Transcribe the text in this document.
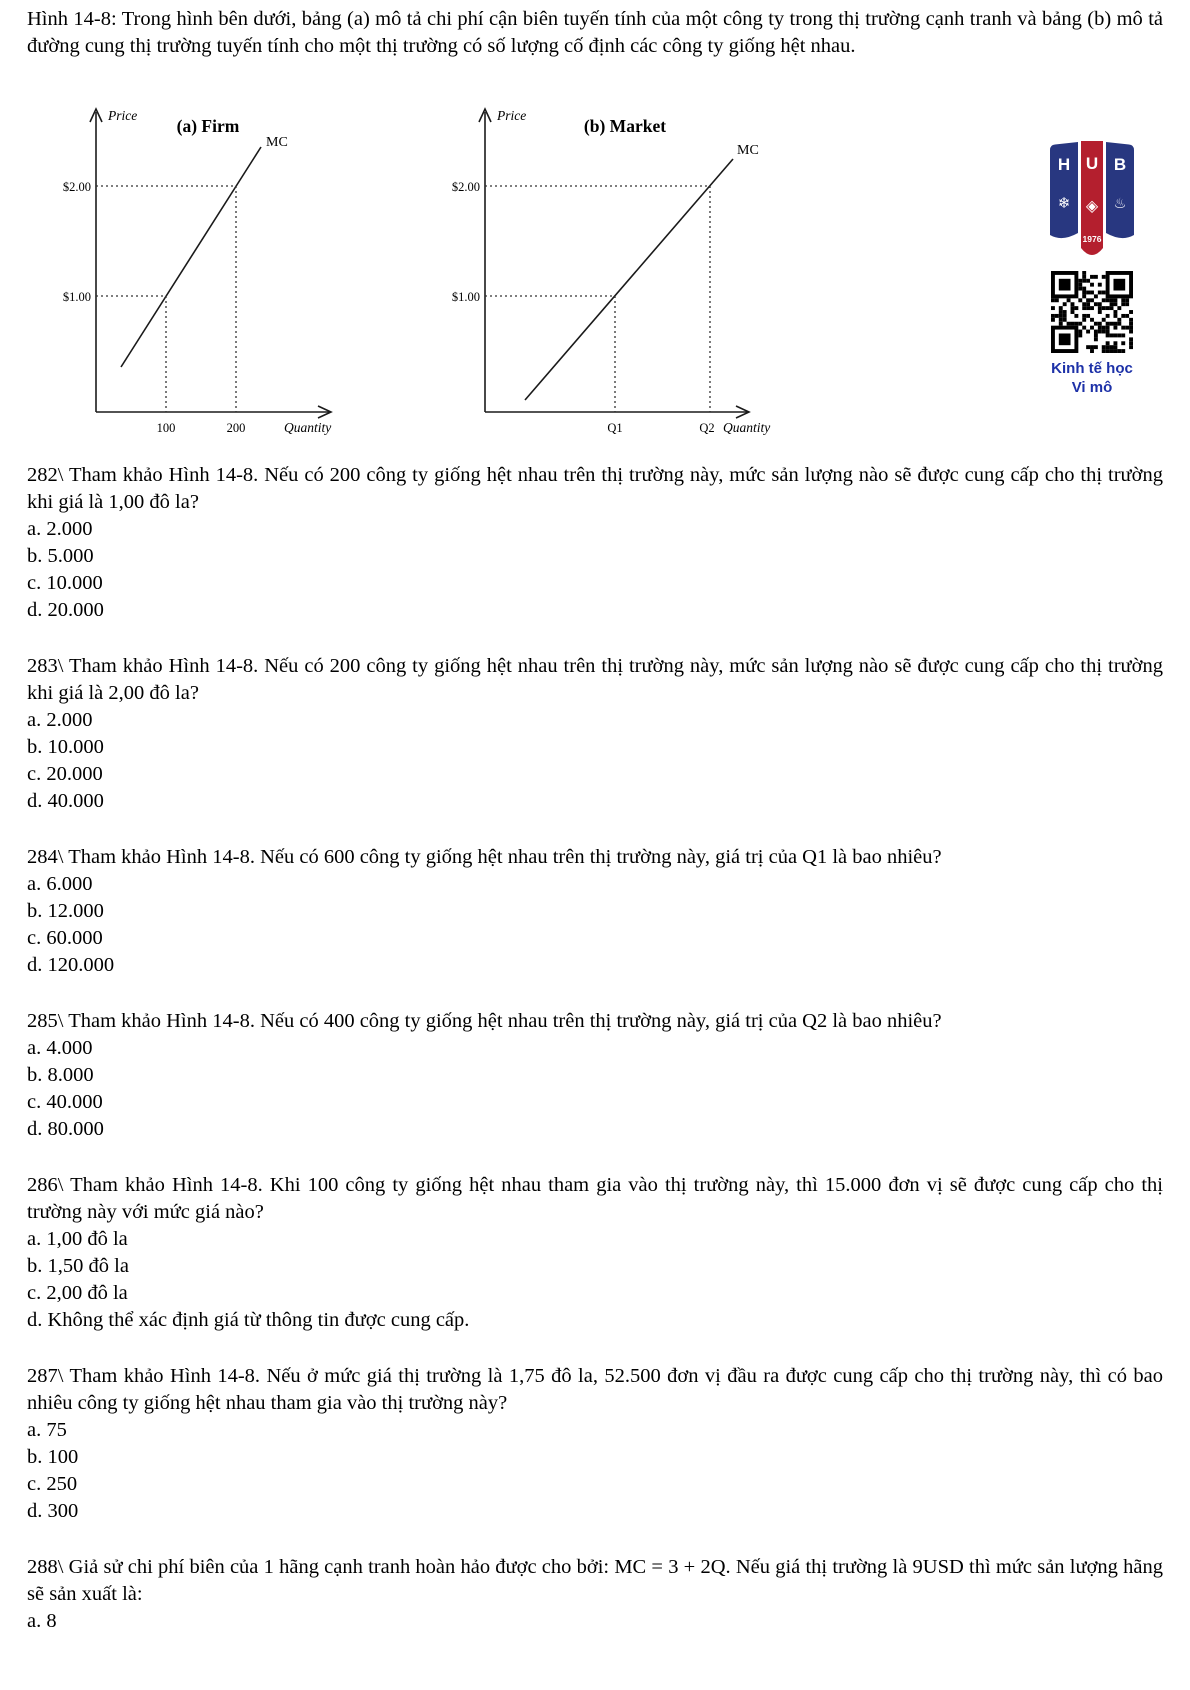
Hình 14-8: Trong hình bên dưới, bảng (a) mô tả chi phí cận biên tuyến tính của một công ty trong thị trường cạnh tranh và bảng (b) mô tả đường cung thị trường tuyến tính cho một thị trường có số lượng cố định các công ty giống hệt nhau.

Price
(a) Firm
MC
$2.00
$1.00
100	200	Quantity
Price
(b) Market
MC
$2.00
$1.00
Q1	Q2 Quantity
H U B
❄ ◈ ♨
1976
Kinh tế học
Vi mô

282\ Tham khảo Hình 14-8. Nếu có 200 công ty giống hệt nhau trên thị trường này, mức sản lượng nào sẽ được cung cấp cho thị trường khi giá là 1,00 đô la?

a. 2.000

b. 5.000

c. 10.000

d. 20.000

283\ Tham khảo Hình 14-8. Nếu có 200 công ty giống hệt nhau trên thị trường này, mức sản lượng nào sẽ được cung cấp cho thị trường khi giá là 2,00 đô la?

a. 2.000

b. 10.000

c. 20.000

d. 40.000

284\ Tham khảo Hình 14-8. Nếu có 600 công ty giống hệt nhau trên thị trường này, giá trị của Q1 là bao nhiêu?

a. 6.000

b. 12.000

c. 60.000

d. 120.000

285\ Tham khảo Hình 14-8. Nếu có 400 công ty giống hệt nhau trên thị trường này, giá trị của Q2 là bao nhiêu?

a. 4.000

b. 8.000

c. 40.000

d. 80.000

286\ Tham khảo Hình 14-8. Khi 100 công ty giống hệt nhau tham gia vào thị trường này, thì 15.000 đơn vị sẽ được cung cấp cho thị trường này với mức giá nào?

a. 1,00 đô la

b. 1,50 đô la

c. 2,00 đô la

d. Không thể xác định giá từ thông tin được cung cấp.

287\ Tham khảo Hình 14-8. Nếu ở mức giá thị trường là 1,75 đô la, 52.500 đơn vị đầu ra được cung cấp cho thị trường này, thì có bao nhiêu công ty giống hệt nhau tham gia vào thị trường này?

a. 75

b. 100

c. 250

d. 300

288\ Giả sử chi phí biên của 1 hãng cạnh tranh hoàn hảo được cho bởi: MC = 3 + 2Q. Nếu giá thị trường là 9USD thì mức sản lượng hãng sẽ sản xuất là:

a. 8
